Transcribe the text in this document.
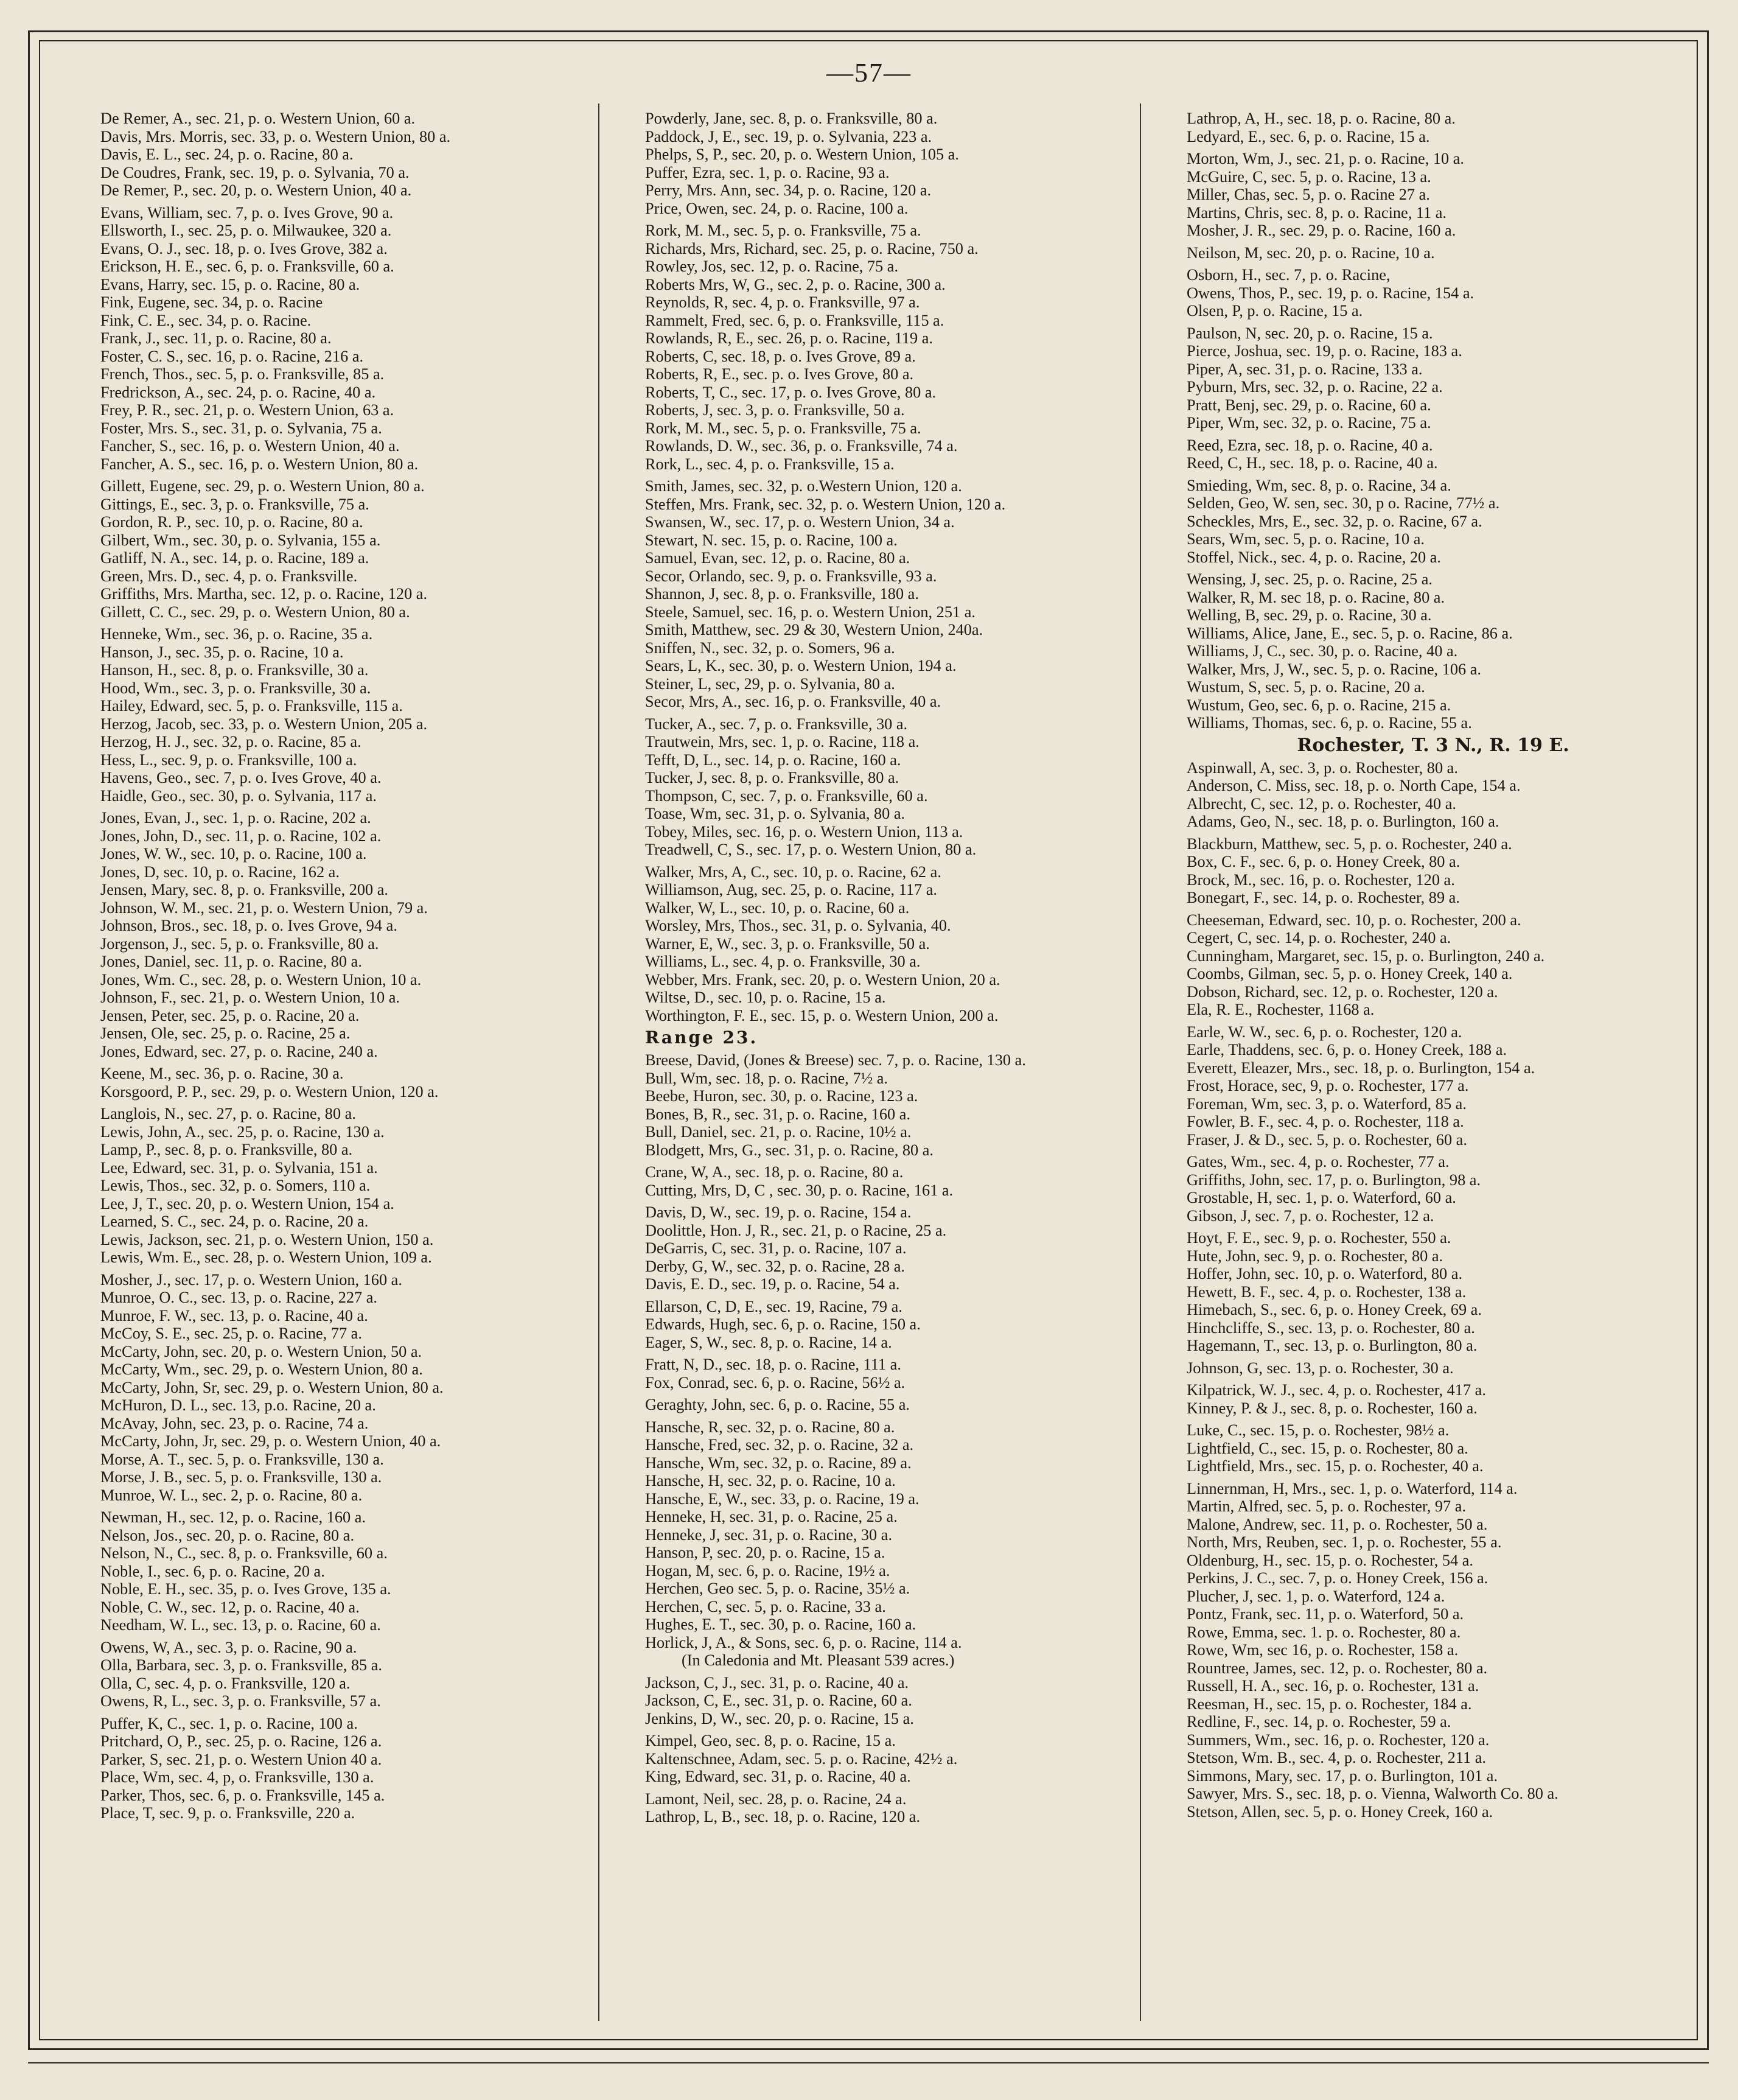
—57—
De Remer, A., sec. 21, p. o. Western Union, 60 a.
Davis, Mrs. Morris, sec. 33, p. o. Western Union, 80 a.
Davis, E. L., sec. 24, p. o. Racine, 80 a.
De Coudres, Frank, sec. 19, p. o. Sylvania, 70 a.
De Remer, P., sec. 20, p. o. Western Union, 40 a.
Evans, William, sec. 7, p. o. Ives Grove, 90 a.
Ellsworth, I., sec. 25, p. o. Milwaukee, 320 a.
Evans, O. J., sec. 18, p. o. Ives Grove, 382 a.
Erickson, H. E., sec. 6, p. o. Franksville, 60 a.
Evans, Harry, sec. 15, p. o. Racine, 80 a.
Fink, Eugene, sec. 34, p. o. Racine
Fink, C. E., sec. 34, p. o. Racine.
Frank, J., sec. 11, p. o. Racine, 80 a.
Foster, C. S., sec. 16, p. o. Racine, 216 a.
French, Thos., sec. 5, p. o. Franksville, 85 a.
Fredrickson, A., sec. 24, p. o. Racine, 40 a.
Frey, P. R., sec. 21, p. o. Western Union, 63 a.
Foster, Mrs. S., sec. 31, p. o. Sylvania, 75 a.
Fancher, S., sec. 16, p. o. Western Union, 40 a.
Fancher, A. S., sec. 16, p. o. Western Union, 80 a.
Gillett, Eugene, sec. 29, p. o. Western Union, 80 a.
Gittings, E., sec. 3, p. o. Franksville, 75 a.
Gordon, R. P., sec. 10, p. o. Racine, 80 a.
Gilbert, Wm., sec. 30, p. o. Sylvania, 155 a.
Gatliff, N. A., sec. 14, p. o. Racine, 189 a.
Green, Mrs. D., sec. 4, p. o. Franksville.
Griffiths, Mrs. Martha, sec. 12, p. o. Racine, 120 a.
Gillett, C. C., sec. 29, p. o. Western Union, 80 a.
Henneke, Wm., sec. 36, p. o. Racine, 35 a.
Hanson, J., sec. 35, p. o. Racine, 10 a.
Hanson, H., sec. 8, p. o. Franksville, 30 a.
Hood, Wm., sec. 3, p. o. Franksville, 30 a.
Hailey, Edward, sec. 5, p. o. Franksville, 115 a.
Herzog, Jacob, sec. 33, p. o. Western Union, 205 a.
Herzog, H. J., sec. 32, p. o. Racine, 85 a.
Hess, L., sec. 9, p. o. Franksville, 100 a.
Havens, Geo., sec. 7, p. o. Ives Grove, 40 a.
Haidle, Geo., sec. 30, p. o. Sylvania, 117 a.
Jones, Evan, J., sec. 1, p. o. Racine, 202 a.
Jones, John, D., sec. 11, p. o. Racine, 102 a.
Jones, W. W., sec. 10, p. o. Racine, 100 a.
Jones, D, sec. 10, p. o. Racine, 162 a.
Jensen, Mary, sec. 8, p. o. Franksville, 200 a.
Johnson, W. M., sec. 21, p. o. Western Union, 79 a.
Johnson, Bros., sec. 18, p. o. Ives Grove, 94 a.
Jorgenson, J., sec. 5, p. o. Franksville, 80 a.
Jones, Daniel, sec. 11, p. o. Racine, 80 a.
Jones, Wm. C., sec. 28, p. o. Western Union, 10 a.
Johnson, F., sec. 21, p. o. Western Union, 10 a.
Jensen, Peter, sec. 25, p. o. Racine, 20 a.
Jensen, Ole, sec. 25, p. o. Racine, 25 a.
Jones, Edward, sec. 27, p. o. Racine, 240 a.
Keene, M., sec. 36, p. o. Racine, 30 a.
Korsgoord, P. P., sec. 29, p. o. Western Union, 120 a.
Langlois, N., sec. 27, p. o. Racine, 80 a.
Lewis, John, A., sec. 25, p. o. Racine, 130 a.
Lamp, P., sec. 8, p. o. Franksville, 80 a.
Lee, Edward, sec. 31, p. o. Sylvania, 151 a.
Lewis, Thos., sec. 32, p. o. Somers, 110 a.
Lee, J, T., sec. 20, p. o. Western Union, 154 a.
Learned, S. C., sec. 24, p. o. Racine, 20 a.
Lewis, Jackson, sec. 21, p. o. Western Union, 150 a.
Lewis, Wm. E., sec. 28, p. o. Western Union, 109 a.
Mosher, J., sec. 17, p. o. Western Union, 160 a.
Munroe, O. C., sec. 13, p. o. Racine, 227 a.
Munroe, F. W., sec. 13, p. o. Racine, 40 a.
McCoy, S. E., sec. 25, p. o. Racine, 77 a.
McCarty, John, sec. 20, p. o. Western Union, 50 a.
McCarty, Wm., sec. 29, p. o. Western Union, 80 a.
McCarty, John, Sr, sec. 29, p. o. Western Union, 80 a.
McHuron, D. L., sec. 13, p.o. Racine, 20 a.
McAvay, John, sec. 23, p. o. Racine, 74 a.
McCarty, John, Jr, sec. 29, p. o. Western Union, 40 a.
Morse, A. T., sec. 5, p. o. Franksville, 130 a.
Morse, J. B., sec. 5, p. o. Franksville, 130 a.
Munroe, W. L., sec. 2, p. o. Racine, 80 a.
Newman, H., sec. 12, p. o. Racine, 160 a.
Nelson, Jos., sec. 20, p. o. Racine, 80 a.
Nelson, N., C., sec. 8, p. o. Franksville, 60 a.
Noble, I., sec. 6, p. o. Racine, 20 a.
Noble, E. H., sec. 35, p. o. Ives Grove, 135 a.
Noble, C. W., sec. 12, p. o. Racine, 40 a.
Needham, W. L., sec. 13, p. o. Racine, 60 a.
Owens, W, A., sec. 3, p. o. Racine, 90 a.
Olla, Barbara, sec. 3, p. o. Franksville, 85 a.
Olla, C, sec. 4, p. o. Franksville, 120 a.
Owens, R, L., sec. 3, p. o. Franksville, 57 a.
Puffer, K, C., sec. 1, p. o. Racine, 100 a.
Pritchard, O, P., sec. 25, p. o. Racine, 126 a.
Parker, S, sec. 21, p. o. Western Union 40 a.
Place, Wm, sec. 4, p, o. Franksville, 130 a.
Parker, Thos, sec. 6, p. o. Franksville, 145 a.
Place, T, sec. 9, p. o. Franksville, 220 a.
Powderly, Jane, sec. 8, p. o. Franksville, 80 a.
Paddock, J, E., sec. 19, p. o. Sylvania, 223 a.
Phelps, S, P., sec. 20, p. o. Western Union, 105 a.
Puffer, Ezra, sec. 1, p. o. Racine, 93 a.
Perry, Mrs. Ann, sec. 34, p. o. Racine, 120 a.
Price, Owen, sec. 24, p. o. Racine, 100 a.
Rork, M. M., sec. 5, p. o. Franksville, 75 a.
Richards, Mrs, Richard, sec. 25, p. o. Racine, 750 a.
Rowley, Jos, sec. 12, p. o. Racine, 75 a.
Roberts Mrs, W, G., sec. 2, p. o. Racine, 300 a.
Reynolds, R, sec. 4, p. o. Franksville, 97 a.
Rammelt, Fred, sec. 6, p. o. Franksville, 115 a.
Rowlands, R, E., sec. 26, p. o. Racine, 119 a.
Roberts, C, sec. 18, p. o. Ives Grove, 89 a.
Roberts, R, E., sec. p. o. Ives Grove, 80 a.
Roberts, T, C., sec. 17, p. o. Ives Grove, 80 a.
Roberts, J, sec. 3, p. o. Franksville, 50 a.
Rork, M. M., sec. 5, p. o. Franksville, 75 a.
Rowlands, D. W., sec. 36, p. o. Franksville, 74 a.
Rork, L., sec. 4, p. o. Franksville, 15 a.
Smith, James, sec. 32, p. o.Western Union, 120 a.
Steffen, Mrs. Frank, sec. 32, p. o. Western Union, 120 a.
Swansen, W., sec. 17, p. o. Western Union, 34 a.
Stewart, N. sec. 15, p. o. Racine, 100 a.
Samuel, Evan, sec. 12, p. o. Racine, 80 a.
Secor, Orlando, sec. 9, p. o. Franksville, 93 a.
Shannon, J, sec. 8, p. o. Franksville, 180 a.
Steele, Samuel, sec. 16, p. o. Western Union, 251 a.
Smith, Matthew, sec. 29 & 30, Western Union, 240a.
Sniffen, N., sec. 32, p. o. Somers, 96 a.
Sears, L, K., sec. 30, p. o. Western Union, 194 a.
Steiner, L, sec, 29, p. o. Sylvania, 80 a.
Secor, Mrs, A., sec. 16, p. o. Franksville, 40 a.
Tucker, A., sec. 7, p. o. Franksville, 30 a.
Trautwein, Mrs, sec. 1, p. o. Racine, 118 a.
Tefft, D, L., sec. 14, p. o. Racine, 160 a.
Tucker, J, sec. 8, p. o. Franksville, 80 a.
Thompson, C, sec. 7, p. o. Franksville, 60 a.
Toase, Wm, sec. 31, p. o. Sylvania, 80 a.
Tobey, Miles, sec. 16, p. o. Western Union, 113 a.
Treadwell, C, S., sec. 17, p. o. Western Union, 80 a.
Walker, Mrs, A, C., sec. 10, p. o. Racine, 62 a.
Williamson, Aug, sec. 25, p. o. Racine, 117 a.
Walker, W, L., sec. 10, p. o. Racine, 60 a.
Worsley, Mrs, Thos., sec. 31, p. o. Sylvania, 40.
Warner, E, W., sec. 3, p. o. Franksville, 50 a.
Williams, L., sec. 4, p. o. Franksville, 30 a.
Webber, Mrs. Frank, sec. 20, p. o. Western Union, 20 a.
Wiltse, D., sec. 10, p. o. Racine, 15 a.
Worthington, F. E., sec. 15, p. o. Western Union, 200 a.
Range 23.
Breese, David, (Jones & Breese) sec. 7, p. o. Racine, 130 a.
Bull, Wm, sec. 18, p. o. Racine, 7½ a.
Beebe, Huron, sec. 30, p. o. Racine, 123 a.
Bones, B, R., sec. 31, p. o. Racine, 160 a.
Bull, Daniel, sec. 21, p. o. Racine, 10½ a.
Blodgett, Mrs, G., sec. 31, p. o. Racine, 80 a.
Crane, W, A., sec. 18, p. o. Racine, 80 a.
Cutting, Mrs, D, C , sec. 30, p. o. Racine, 161 a.
Davis, D, W., sec. 19, p. o. Racine, 154 a.
Doolittle, Hon. J, R., sec. 21, p. o Racine, 25 a.
DeGarris, C, sec. 31, p. o. Racine, 107 a.
Derby, G, W., sec. 32, p. o. Racine, 28 a.
Davis, E. D., sec. 19, p. o. Racine, 54 a.
Ellarson, C, D, E., sec. 19, Racine, 79 a.
Edwards, Hugh, sec. 6, p. o. Racine, 150 a.
Eager, S, W., sec. 8, p. o. Racine, 14 a.
Fratt, N, D., sec. 18, p. o. Racine, 111 a.
Fox, Conrad, sec. 6, p. o. Racine, 56½ a.
Geraghty, John, sec. 6, p. o. Racine, 55 a.
Hansche, R, sec. 32, p. o. Racine, 80 a.
Hansche, Fred, sec. 32, p. o. Racine, 32 a.
Hansche, Wm, sec. 32, p. o. Racine, 89 a.
Hansche, H, sec. 32, p. o. Racine, 10 a.
Hansche, E, W., sec. 33, p. o. Racine, 19 a.
Henneke, H, sec. 31, p. o. Racine, 25 a.
Henneke, J, sec. 31, p. o. Racine, 30 a.
Hanson, P, sec. 20, p. o. Racine, 15 a.
Hogan, M, sec. 6, p. o. Racine, 19½ a.
Herchen, Geo sec. 5, p. o. Racine, 35½ a.
Herchen, C, sec. 5, p. o. Racine, 33 a.
Hughes, E. T., sec. 30, p. o. Racine, 160 a.
Horlick, J, A., & Sons, sec. 6, p. o. Racine, 114 a.
(In Caledonia and Mt. Pleasant 539 acres.)
Jackson, C, J., sec. 31, p. o. Racine, 40 a.
Jackson, C, E., sec. 31, p. o. Racine, 60 a.
Jenkins, D, W., sec. 20, p. o. Racine, 15 a.
Kimpel, Geo, sec. 8, p. o. Racine, 15 a.
Kaltenschnee, Adam, sec. 5. p. o. Racine, 42½ a.
King, Edward, sec. 31, p. o. Racine, 40 a.
Lamont, Neil, sec. 28, p. o. Racine, 24 a.
Lathrop, L, B., sec. 18, p. o. Racine, 120 a.
Lathrop, A, H., sec. 18, p. o. Racine, 80 a.
Ledyard, E., sec. 6, p. o. Racine, 15 a.
Morton, Wm, J., sec. 21, p. o. Racine, 10 a.
McGuire, C, sec. 5, p. o. Racine, 13 a.
Miller, Chas, sec. 5, p. o. Racine 27 a.
Martins, Chris, sec. 8, p. o. Racine, 11 a.
Mosher, J. R., sec. 29, p. o. Racine, 160 a.
Neilson, M, sec. 20, p. o. Racine, 10 a.
Osborn, H., sec. 7, p. o. Racine,
Owens, Thos, P., sec. 19, p. o. Racine, 154 a.
Olsen, P, p. o. Racine, 15 a.
Paulson, N, sec. 20, p. o. Racine, 15 a.
Pierce, Joshua, sec. 19, p. o. Racine, 183 a.
Piper, A, sec. 31, p. o. Racine, 133 a.
Pyburn, Mrs, sec. 32, p. o. Racine, 22 a.
Pratt, Benj, sec. 29, p. o. Racine, 60 a.
Piper, Wm, sec. 32, p. o. Racine, 75 a.
Reed, Ezra, sec. 18, p. o. Racine, 40 a.
Reed, C, H., sec. 18, p. o. Racine, 40 a.
Smieding, Wm, sec. 8, p. o. Racine, 34 a.
Selden, Geo, W. sen, sec. 30, p o. Racine, 77½ a.
Scheckles, Mrs, E., sec. 32, p. o. Racine, 67 a.
Sears, Wm, sec. 5, p. o. Racine, 10 a.
Stoffel, Nick., sec. 4, p. o. Racine, 20 a.
Wensing, J, sec. 25, p. o. Racine, 25 a.
Walker, R, M. sec 18, p. o. Racine, 80 a.
Welling, B, sec. 29, p. o. Racine, 30 a.
Williams, Alice, Jane, E., sec. 5, p. o. Racine, 86 a.
Williams, J, C., sec. 30, p. o. Racine, 40 a.
Walker, Mrs, J, W., sec. 5, p. o. Racine, 106 a.
Wustum, S, sec. 5, p. o. Racine, 20 a.
Wustum, Geo, sec. 6, p. o. Racine, 215 a.
Williams, Thomas, sec. 6, p. o. Racine, 55 a.
Rochester, T. 3 N., R. 19 E.
Aspinwall, A, sec. 3, p. o. Rochester, 80 a.
Anderson, C. Miss, sec. 18, p. o. North Cape, 154 a.
Albrecht, C, sec. 12, p. o. Rochester, 40 a.
Adams, Geo, N., sec. 18, p. o. Burlington, 160 a.
Blackburn, Matthew, sec. 5, p. o. Rochester, 240 a.
Box, C. F., sec. 6, p. o. Honey Creek, 80 a.
Brock, M., sec. 16, p. o. Rochester, 120 a.
Bonegart, F., sec. 14, p. o. Rochester, 89 a.
Cheeseman, Edward, sec. 10, p. o. Rochester, 200 a.
Cegert, C, sec. 14, p. o. Rochester, 240 a.
Cunningham, Margaret, sec. 15, p. o. Burlington, 240 a.
Coombs, Gilman, sec. 5, p. o. Honey Creek, 140 a.
Dobson, Richard, sec. 12, p. o. Rochester, 120 a.
Ela, R. E., Rochester, 1168 a.
Earle, W. W., sec. 6, p. o. Rochester, 120 a.
Earle, Thaddens, sec. 6, p. o. Honey Creek, 188 a.
Everett, Eleazer, Mrs., sec. 18, p. o. Burlington, 154 a.
Frost, Horace, sec, 9, p. o. Rochester, 177 a.
Foreman, Wm, sec. 3, p. o. Waterford, 85 a.
Fowler, B. F., sec. 4, p. o. Rochester, 118 a.
Fraser, J. & D., sec. 5, p. o. Rochester, 60 a.
Gates, Wm., sec. 4, p. o. Rochester, 77 a.
Griffiths, John, sec. 17, p. o. Burlington, 98 a.
Grostable, H, sec. 1, p. o. Waterford, 60 a.
Gibson, J, sec. 7, p. o. Rochester, 12 a.
Hoyt, F. E., sec. 9, p. o. Rochester, 550 a.
Hute, John, sec. 9, p. o. Rochester, 80 a.
Hoffer, John, sec. 10, p. o. Waterford, 80 a.
Hewett, B. F., sec. 4, p. o. Rochester, 138 a.
Himebach, S., sec. 6, p. o. Honey Creek, 69 a.
Hinchcliffe, S., sec. 13, p. o. Rochester, 80 a.
Hagemann, T., sec. 13, p. o. Burlington, 80 a.
Johnson, G, sec. 13, p. o. Rochester, 30 a.
Kilpatrick, W. J., sec. 4, p. o. Rochester, 417 a.
Kinney, P. & J., sec. 8, p. o. Rochester, 160 a.
Luke, C., sec. 15, p. o. Rochester, 98½ a.
Lightfield, C., sec. 15, p. o. Rochester, 80 a.
Lightfield, Mrs., sec. 15, p. o. Rochester, 40 a.
Linnernman, H, Mrs., sec. 1, p. o. Waterford, 114 a.
Martin, Alfred, sec. 5, p. o. Rochester, 97 a.
Malone, Andrew, sec. 11, p. o. Rochester, 50 a.
North, Mrs, Reuben, sec. 1, p. o. Rochester, 55 a.
Oldenburg, H., sec. 15, p. o. Rochester, 54 a.
Perkins, J. C., sec. 7, p. o. Honey Creek, 156 a.
Plucher, J, sec. 1, p. o. Waterford, 124 a.
Pontz, Frank, sec. 11, p. o. Waterford, 50 a.
Rowe, Emma, sec. 1. p. o. Rochester, 80 a.
Rowe, Wm, sec 16, p. o. Rochester, 158 a.
Rountree, James, sec. 12, p. o. Rochester, 80 a.
Russell, H. A., sec. 16, p. o. Rochester, 131 a.
Reesman, H., sec. 15, p. o. Rochester, 184 a.
Redline, F., sec. 14, p. o. Rochester, 59 a.
Summers, Wm., sec. 16, p. o. Rochester, 120 a.
Stetson, Wm. B., sec. 4, p. o. Rochester, 211 a.
Simmons, Mary, sec. 17, p. o. Burlington, 101 a.
Sawyer, Mrs. S., sec. 18, p. o. Vienna, Walworth Co. 80 a.
Stetson, Allen, sec. 5, p. o. Honey Creek, 160 a.
